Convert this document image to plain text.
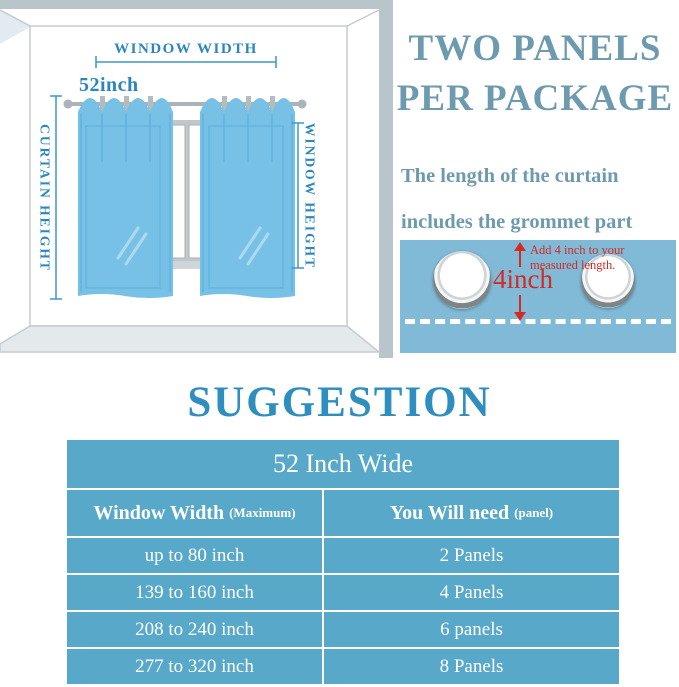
WINDOW WIDTH
52inch
CURTAIN HEIGHT	WINDOW HEIGHT
TWO PANELS
PER PACKAGE
The length of the curtain
includes the grommet part
4inch
Add 4 inch to your
measured length.
SUGGESTION
52 Inch Wide
Window Width (Maximum)	You Will need (panel)
up to 80 inch	2 Panels
139 to 160 inch	4 Panels
208 to 240 inch	6 panels
277 to 320 inch	8 Panels
